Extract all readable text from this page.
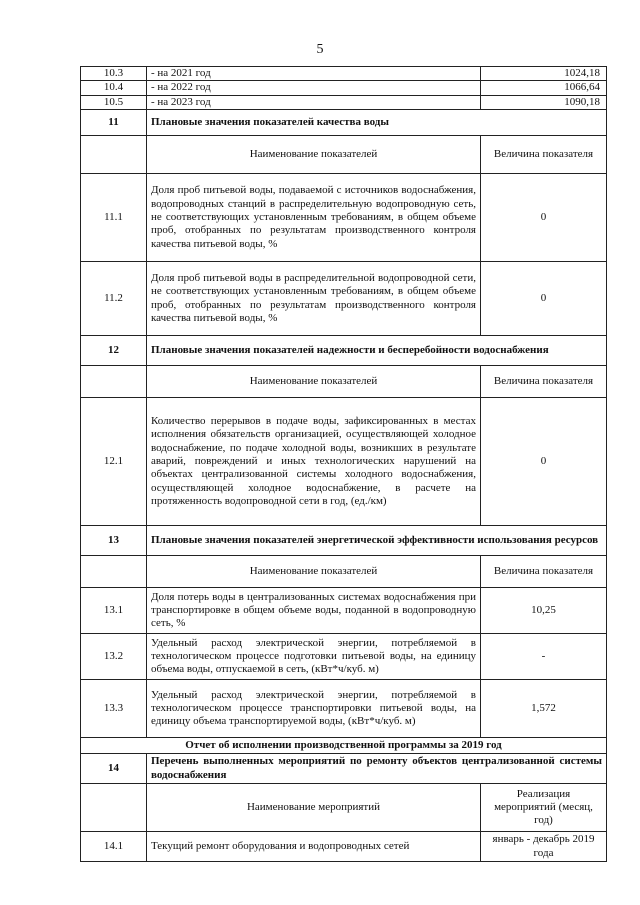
5
10.3	- на 2021 год	1024,18
10.4	- на 2022 год	1066,64
10.5	- на 2023 год	1090,18
11	Плановые значения показателей качества воды	
	Наименование показателей	Величина показателя
11.1	Доля проб питьевой воды, подаваемой с источников водоснабжения, водопроводных станций в распределительную водопроводную сеть, не соответствующих установленным требованиям, в общем объеме проб, отобранных по результатам производственного контроля качества питьевой воды, %	0
11.2	Доля проб питьевой воды в распределительной водопроводной сети, не соответствующих установленным требованиям, в общем объеме проб, отобранных по результатам производственного контроля качества питьевой воды, %	0
12	Плановые значения показателей надежности и бесперебойности водоснабжения	
	Наименование показателей	Величина показателя
12.1	Количество перерывов в подаче воды, зафиксированных в местах исполнения обязательств организацией, осуществляющей холодное водоснабжение, по подаче холодной воды, возникших в результате аварий, повреждений и иных технологических нарушений на объектах централизованной системы холодного водоснабжения, осуществляющей холодное водоснабжение, в расчете на протяженность водопроводной сети в год, (ед./км)	0
13	Плановые значения показателей энергетической эффективности использования ресурсов	
	Наименование показателей	Величина показателя
13.1	Доля потерь воды в централизованных системах водоснабжения при транспортировке в общем объеме воды, поданной в водопроводную сеть, %	10,25
13.2	Удельный расход электрической энергии, потребляемой в технологическом процессе подготовки питьевой воды, на единицу объема воды, отпускаемой в сеть, (кВт*ч/куб. м)	-
13.3	Удельный расход электрической энергии, потребляемой в технологическом процессе транспортировки питьевой воды, на единицу объема транспортируемой воды, (кВт*ч/куб. м)	1,572
Отчет об исполнении производственной программы за 2019 год		
14	Перечень выполненных мероприятий по ремонту объектов централизованной системы водоснабжения	
	Наименование мероприятий	Реализация мероприятий (месяц, год)
14.1	Текущий ремонт оборудования и водопроводных сетей	январь - декабрь 2019 года
